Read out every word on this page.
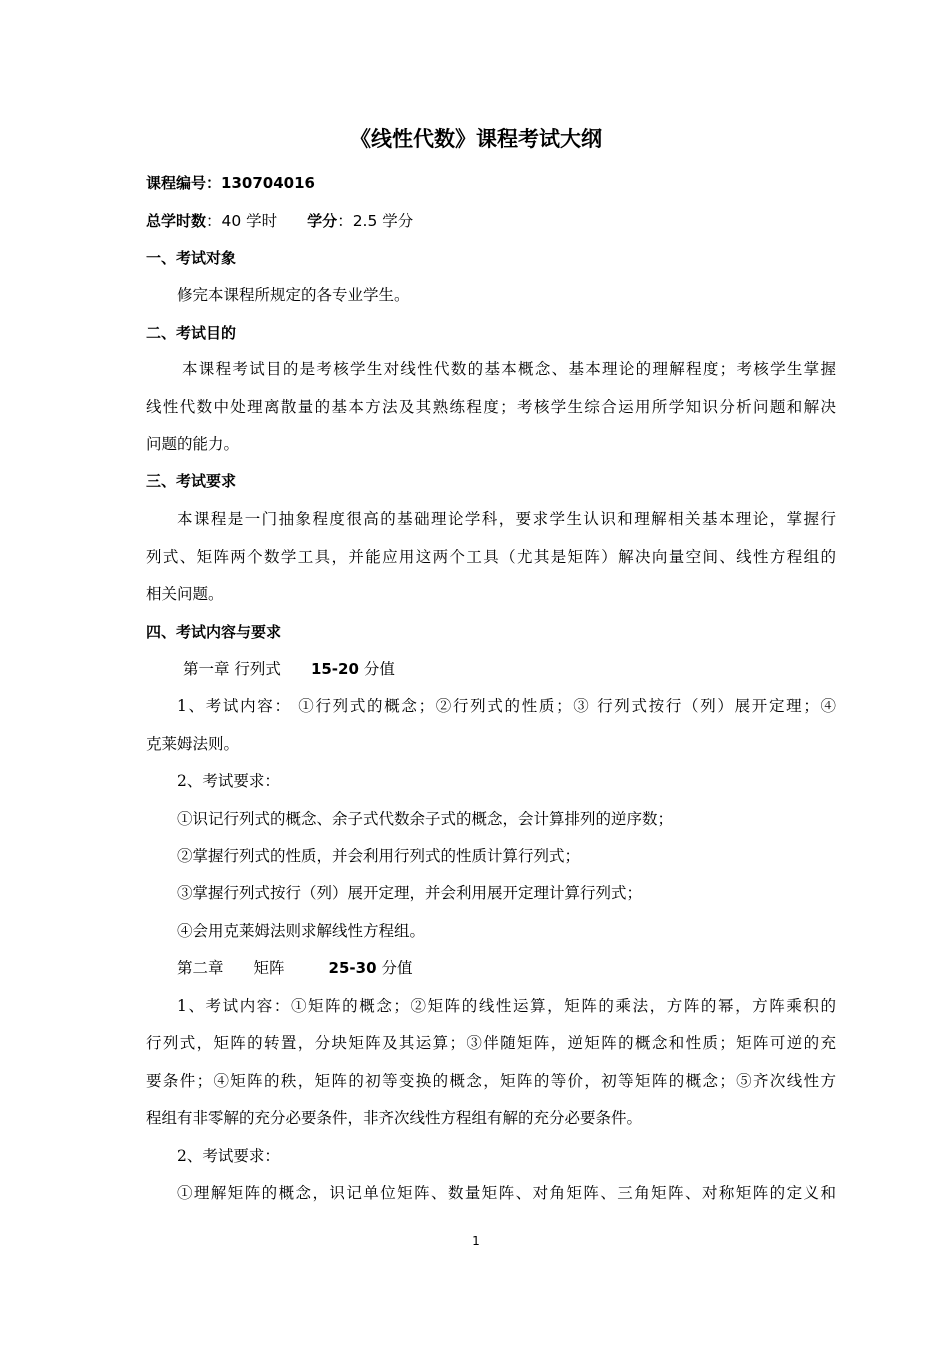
《线性代数》课程考试大纲
课程编号：130704016
总学时数：40 学时 学分：2.5 学分
一、考试对象
修完本课程所规定的各专业学生。
二、考试目的
本课程考试目的是考核学生对线性代数的基本概念、基本理论的理解程度；考核学生掌握
线性代数中处理离散量的基本方法及其熟练程度；考核学生综合运用所学知识分析问题和解决
问题的能力。
三、考试要求
本课程是一门抽象程度很高的基础理论学科，要求学生认识和理解相关基本理论，掌握行
列式、矩阵两个数学工具，并能应用这两个工具（尤其是矩阵）解决向量空间、线性方程组的
相关问题。
四、考试内容与要求
第一章 行列式 15-20 分值
1、考试内容： ①行列式的概念；②行列式的性质；③ 行列式按行（列）展开定理；④
克莱姆法则。
2、考试要求：
①识记行列式的概念、余子式代数余子式的概念，会计算排列的逆序数；
②掌握行列式的性质，并会利用行列式的性质计算行列式；
③掌握行列式按行（列）展开定理，并会利用展开定理计算行列式；
④会用克莱姆法则求解线性方程组。
第二章 矩阵	25-30 分值
1、考试内容：①矩阵的概念；②矩阵的线性运算，矩阵的乘法，方阵的幂，方阵乘积的
行列式，矩阵的转置，分块矩阵及其运算；③伴随矩阵，逆矩阵的概念和性质；矩阵可逆的充
要条件；④矩阵的秩，矩阵的初等变换的概念，矩阵的等价，初等矩阵的概念；⑤齐次线性方
程组有非零解的充分必要条件，非齐次线性方程组有解的充分必要条件。
2、考试要求：
①理解矩阵的概念，识记单位矩阵、数量矩阵、对角矩阵、三角矩阵、对称矩阵的定义和
1
